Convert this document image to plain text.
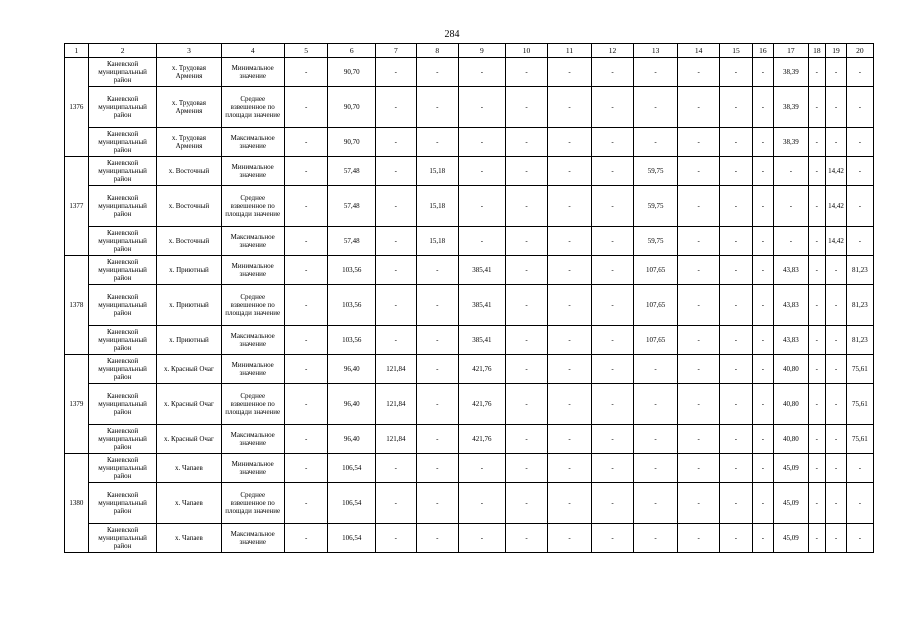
284
1	2	3	4	5	6	7	8	9	10	11	12	13	14	15	16	17	18	19	20
1376	Каневской муниципальный район	х. Трудовая Армения	Минимальное значение	-	90,70	-	-	-	-	-	-	-	-	-	-	38,39	-	-	-
	Каневской муниципальный район	х. Трудовая Армения	Среднее взвешенное по площади значение	-	90,70	-	-	-	-	-	-	-	-	-	-	38,39	-	-	-
	Каневской муниципальный район	х. Трудовая Армения	Максимальное значение	-	90,70	-	-	-	-	-	-	-	-	-	-	38,39	-	-	-
1377	Каневской муниципальный район	х. Восточный	Минимальное значение	-	57,48	-	15,18	-	-	-	-	59,75	-	-	-	-	-	14,42	-
	Каневской муниципальный район	х. Восточный	Среднее взвешенное по площади значение	-	57,48	-	15,18	-	-	-	-	59,75	-	-	-	-	-	14,42	-
	Каневской муниципальный район	х. Восточный	Максимальное значение	-	57,48	-	15,18	-	-	-	-	59,75	-	-	-	-	-	14,42	-
1378	Каневской муниципальный район	х. Приютный	Минимальное значение	-	103,56	-	-	385,41	-	-	-	107,65	-	-	-	43,83	-	-	81,23
	Каневской муниципальный район	х. Приютный	Среднее взвешенное по площади значение	-	103,56	-	-	385,41	-	-	-	107,65	-	-	-	43,83	-	-	81,23
	Каневской муниципальный район	х. Приютный	Максимальное значение	-	103,56	-	-	385,41	-	-	-	107,65	-	-	-	43,83	-	-	81,23
1379	Каневской муниципальный район	х. Красный Очаг	Минимальное значение	-	96,40	121,84	-	421,76	-	-	-	-	-	-	-	40,80	-	-	75,61
	Каневской муниципальный район	х. Красный Очаг	Среднее взвешенное по площади значение	-	96,40	121,84	-	421,76	-	-	-	-	-	-	-	40,80	-	-	75,61
	Каневской муниципальный район	х. Красный Очаг	Максимальное значение	-	96,40	121,84	-	421,76	-	-	-	-	-	-	-	40,80	-	-	75,61
1380	Каневской муниципальный район	х. Чапаев	Минимальное значение	-	106,54	-	-	-	-	-	-	-	-	-	-	45,09	-	-	-
	Каневской муниципальный район	х. Чапаев	Среднее взвешенное по площади значение	-	106,54	-	-	-	-	-	-	-	-	-	-	45,09	-	-	-
	Каневской муниципальный район	х. Чапаев	Максимальное значение	-	106,54	-	-	-	-	-	-	-	-	-	-	45,09	-	-	-
